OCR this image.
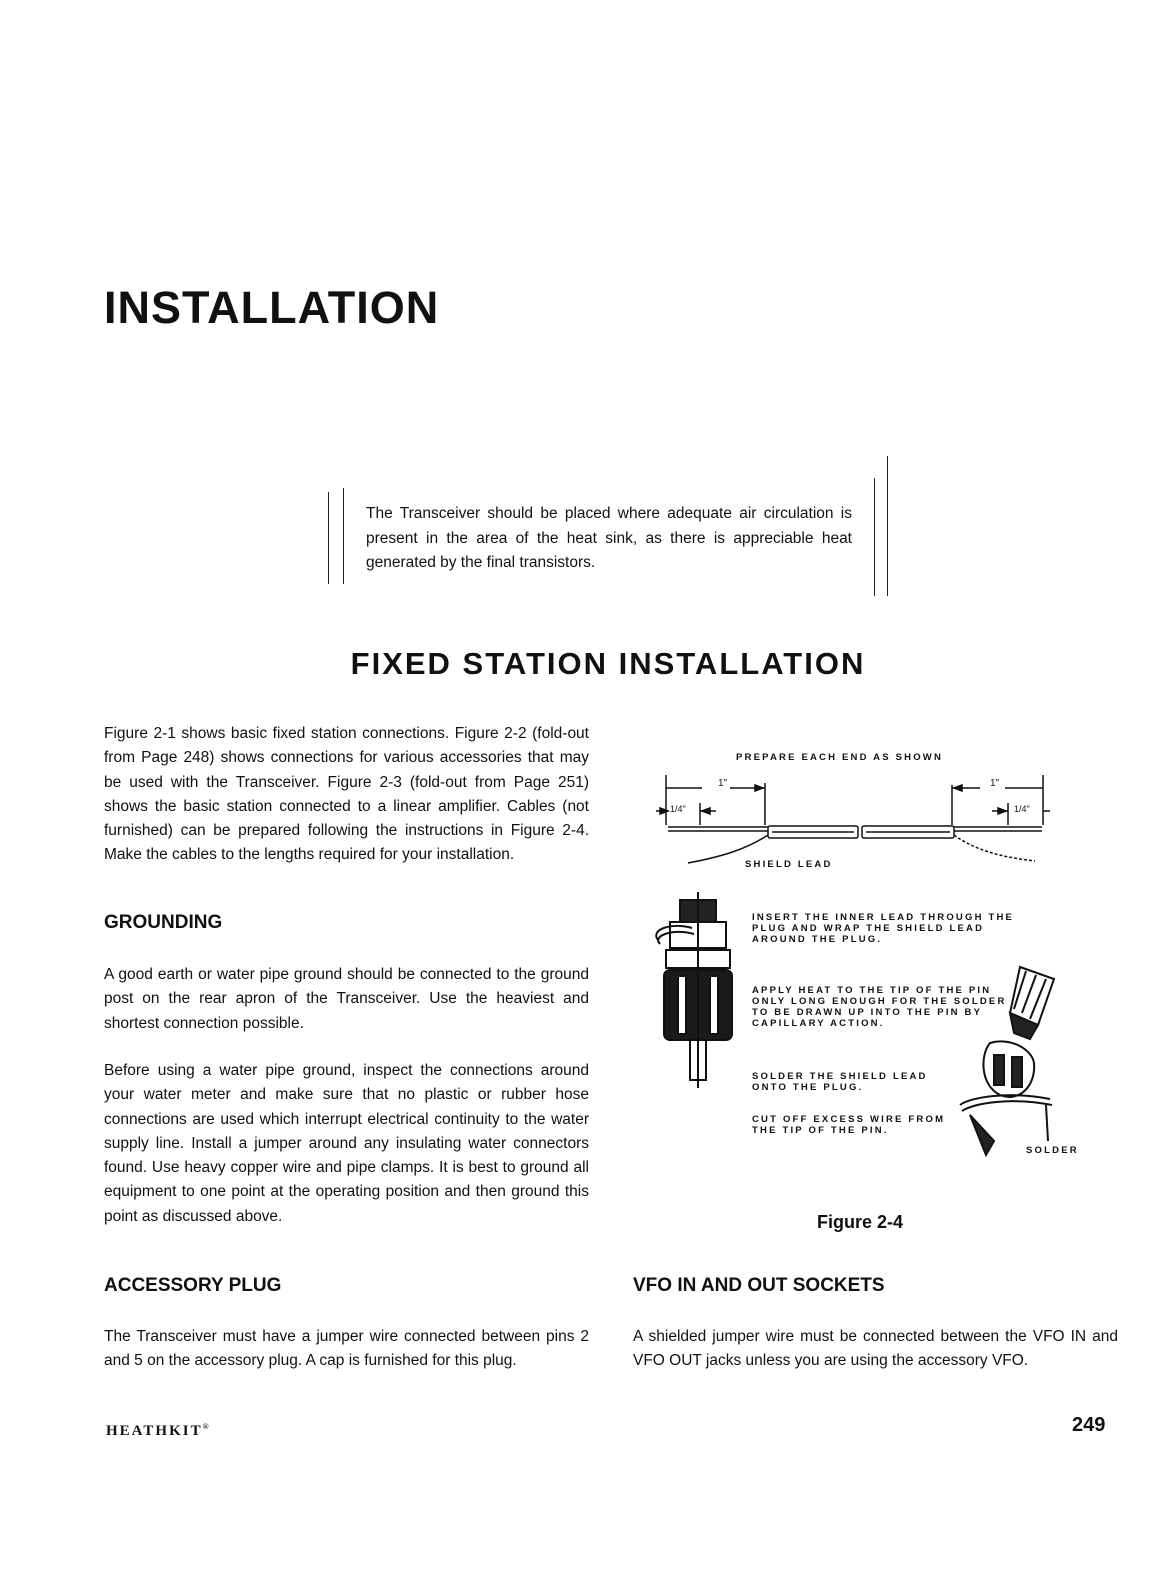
INSTALLATION

The Transceiver should be placed where adequate air circulation is present in the area of the heat sink, as there is appreciable heat generated by the final transistors.

FIXED STATION INSTALLATION

Figure 2-1 shows basic fixed station connections. Figure 2-2 (fold-out from Page 248) shows connections for various accessories that may be used with the Transceiver. Figure 2-3 (fold-out from Page 251) shows the basic station connected to a linear amplifier. Cables (not furnished) can be prepared following the instructions in Figure 2-4. Make the cables to the lengths required for your installation.

GROUNDING

A good earth or water pipe ground should be connected to the ground post on the rear apron of the Transceiver. Use the heaviest and shortest connection possible.

Before using a water pipe ground, inspect the connections around your water meter and make sure that no plastic or rubber hose connections are used which interrupt electrical continuity to the water supply line. Install a jumper around any insulating water connectors found. Use heavy copper wire and pipe clamps. It is best to ground all equipment to one point at the operating position and then ground this point as discussed above.

ACCESSORY PLUG

The Transceiver must have a jumper wire connected between pins 2 and 5 on the accessory plug. A cap is furnished for this plug.

PREPARE EACH END AS SHOWN

1"	1"
1/4"	1/4"

SHIELD LEAD

INSERT THE INNER LEAD THROUGH THE PLUG AND WRAP THE SHIELD LEAD AROUND THE PLUG.

APPLY HEAT TO THE TIP OF THE PIN ONLY LONG ENOUGH FOR THE SOLDER TO BE DRAWN UP INTO THE PIN BY CAPILLARY ACTION.

SOLDER THE SHIELD LEAD ONTO THE PLUG.

CUT OFF EXCESS WIRE FROM THE TIP OF THE PIN.

SOLDER

Figure 2-4

VFO IN AND OUT SOCKETS

A shielded jumper wire must be connected between the VFO IN and VFO OUT jacks unless you are using the accessory VFO.

HEATHKIT®	249
